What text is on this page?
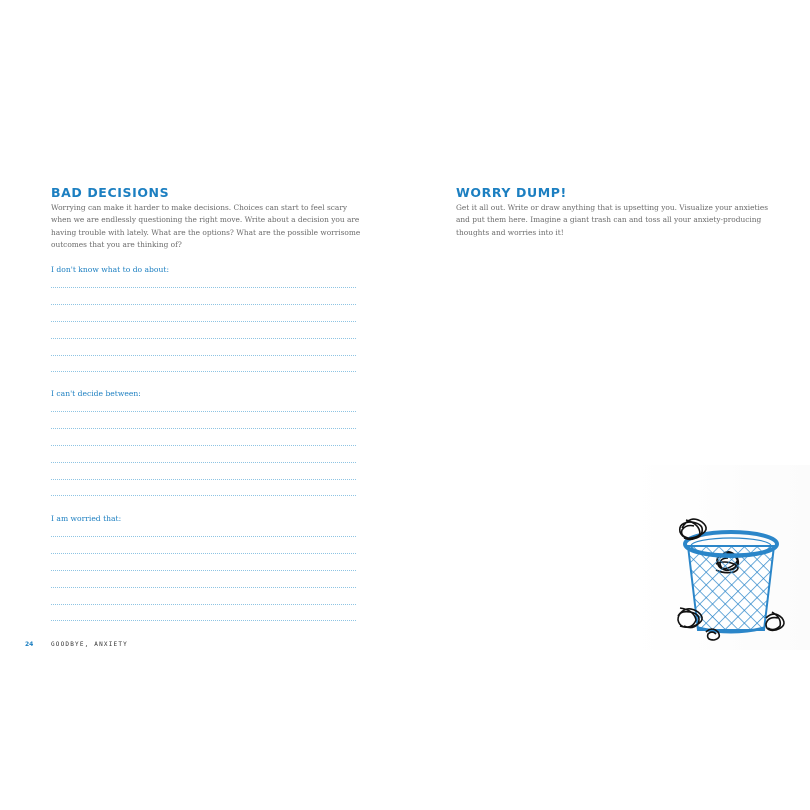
BAD DECISIONS
Worrying can make it harder to make decisions. Choices can start to feel scary
when we are endlessly questioning the right move. Write about a decision you are
having trouble with lately. What are the options? What are the possible worrisome
outcomes that you are thinking of?
I don't know what to do about:
I can't decide between:
I am worried that:
24	GOODBYE, ANXIETY
WORRY DUMP!
Get it all out. Write or draw anything that is upsetting you. Visualize your anxieties
and put them here. Imagine a giant trash can and toss all your anxiety-producing
thoughts and worries into it!
